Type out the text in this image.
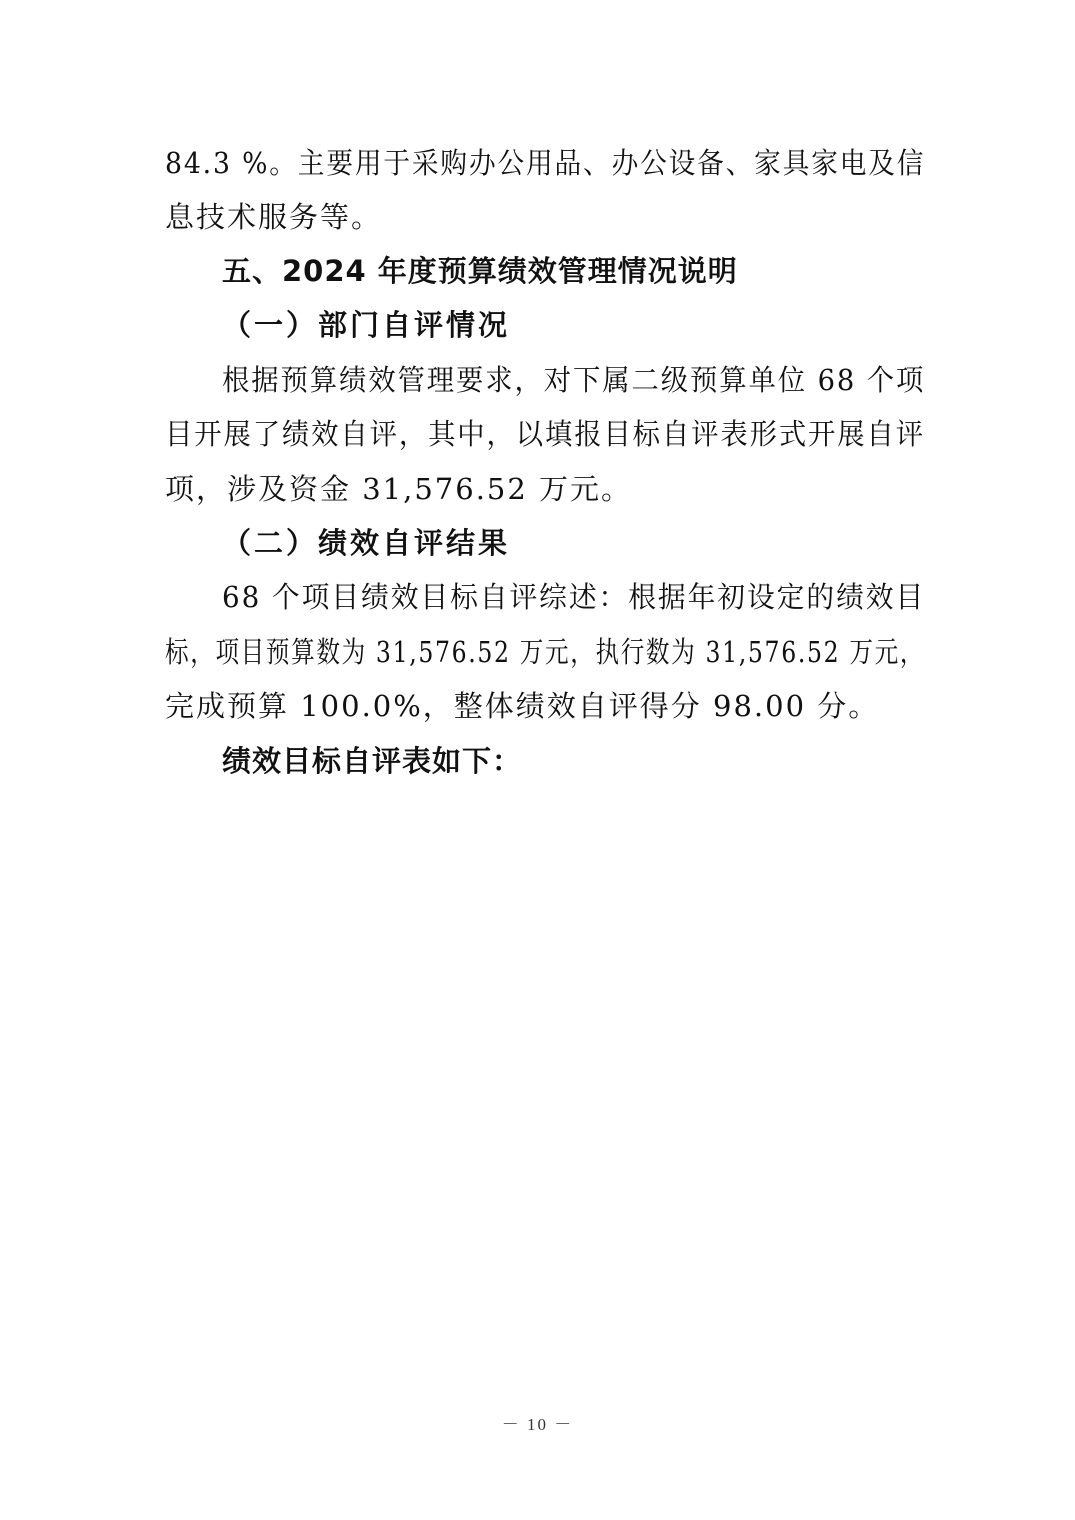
84.3 %。主要用于采购办公用品、办公设备、家具家电及信
息技术服务等。
五、2024 年度预算绩效管理情况说明
（一）部门自评情况
根据预算绩效管理要求，对下属二级预算单位 68 个项
目开展了绩效自评，其中，以填报目标自评表形式开展自评
项，涉及资金 31,576.52 万元。
（二）绩效自评结果
68 个项目绩效目标自评综述：根据年初设定的绩效目
标，项目预算数为 31,576.52 万元，执行数为 31,576.52 万元，
完成预算 100.0%，整体绩效自评得分 98.00 分。
绩效目标自评表如下：
－ 10 －
